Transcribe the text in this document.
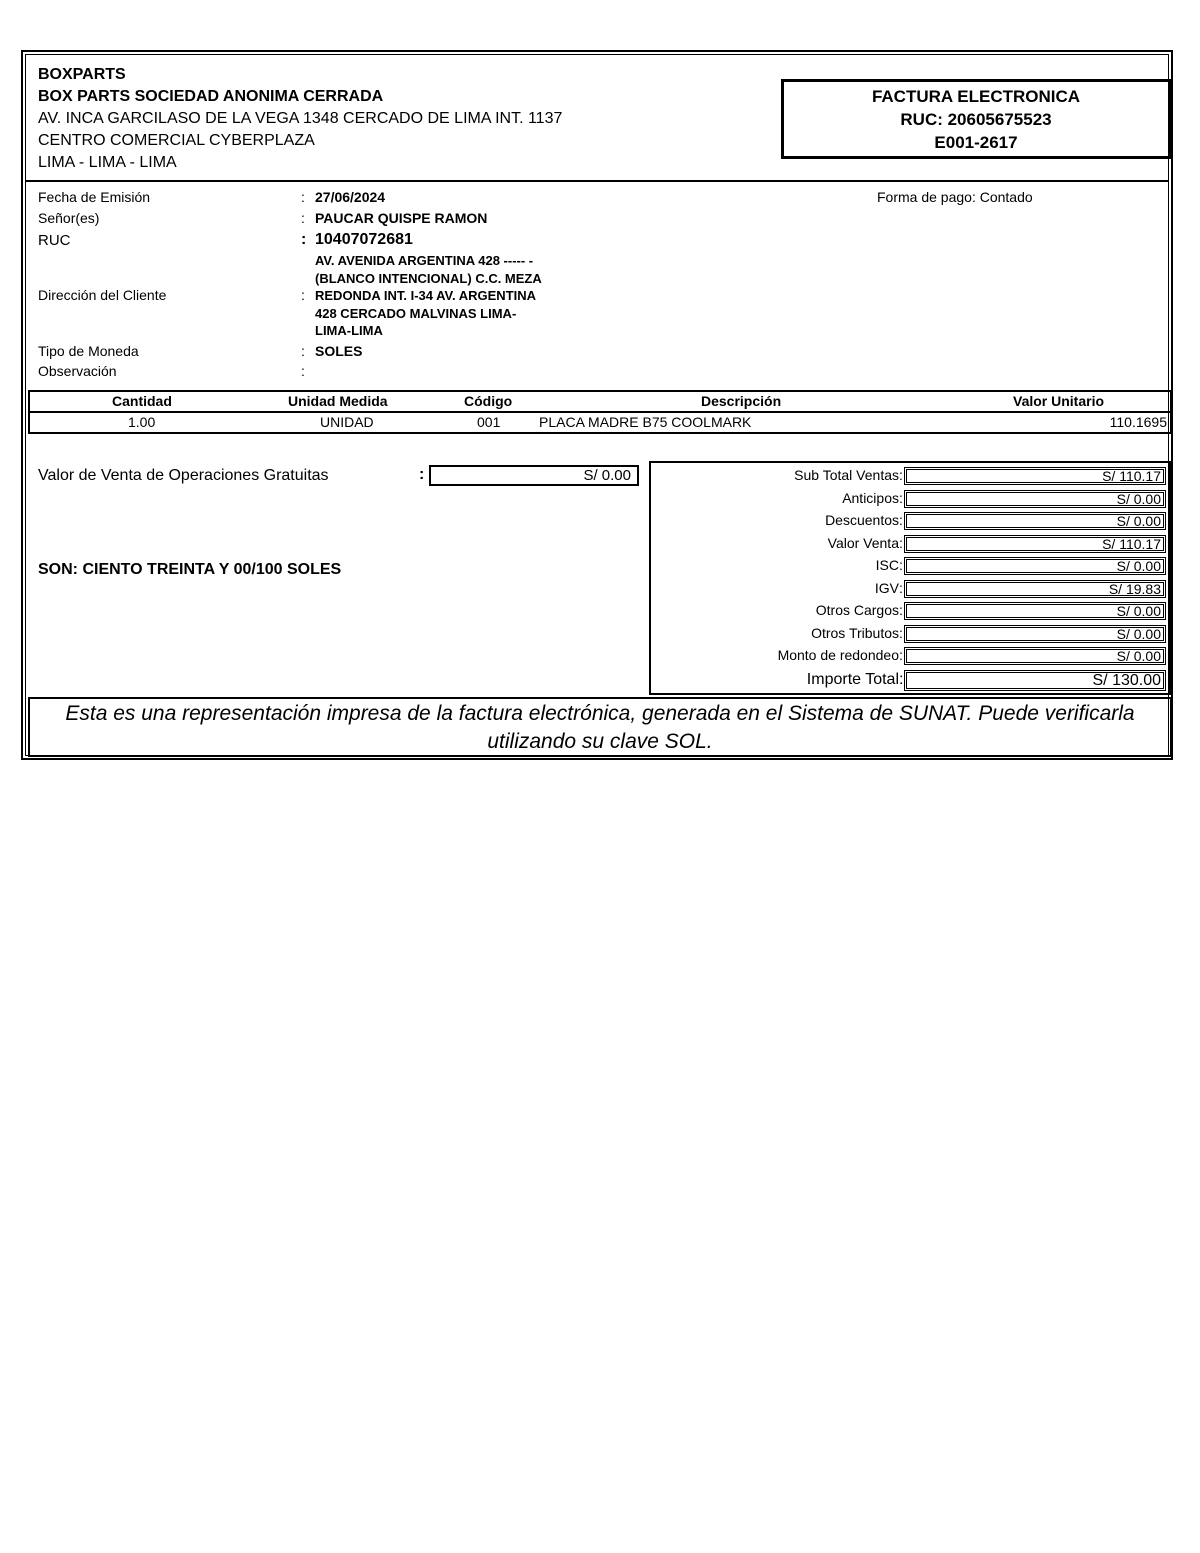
BOXPARTS
BOX PARTS SOCIEDAD ANONIMA CERRADA
AV. INCA GARCILASO DE LA VEGA 1348 CERCADO DE LIMA INT. 1137
CENTRO COMERCIAL CYBERPLAZA
LIMA - LIMA - LIMA
FACTURA ELECTRONICA
RUC: 20605675523
E001-2617
Fecha de Emisión	: 27/06/2024	Forma de pago: Contado
Señor(es)	: PAUCAR QUISPE RAMON
RUC	: 10407072681
AV. AVENIDA ARGENTINA 428 ----- -
(BLANCO INTENCIONAL) C.C. MEZA
Dirección del Cliente	: REDONDA INT. I-34 AV. ARGENTINA
428 CERCADO MALVINAS LIMA-
LIMA-LIMA
Tipo de Moneda	: SOLES
Observación	:
Cantidad	Unidad Medida	Código	Descripción	Valor Unitario
1.00	UNIDAD	001	PLACA MADRE B75 COOLMARK	110.1695
Valor de Venta de Operaciones Gratuitas	:	S/ 0.00
SON: CIENTO TREINTA Y 00/100 SOLES
Sub Total Ventas :	S/ 110.17
Anticipos :	S/ 0.00
Descuentos :	S/ 0.00
Valor Venta :	S/ 110.17
ISC :	S/ 0.00
IGV :	S/ 19.83
Otros Cargos :	S/ 0.00
Otros Tributos :	S/ 0.00
Monto de redondeo :	S/ 0.00
Importe Total :	S/ 130.00
Esta es una representación impresa de la factura electrónica, generada en el Sistema de SUNAT. Puede verificarla utilizando su clave SOL.
